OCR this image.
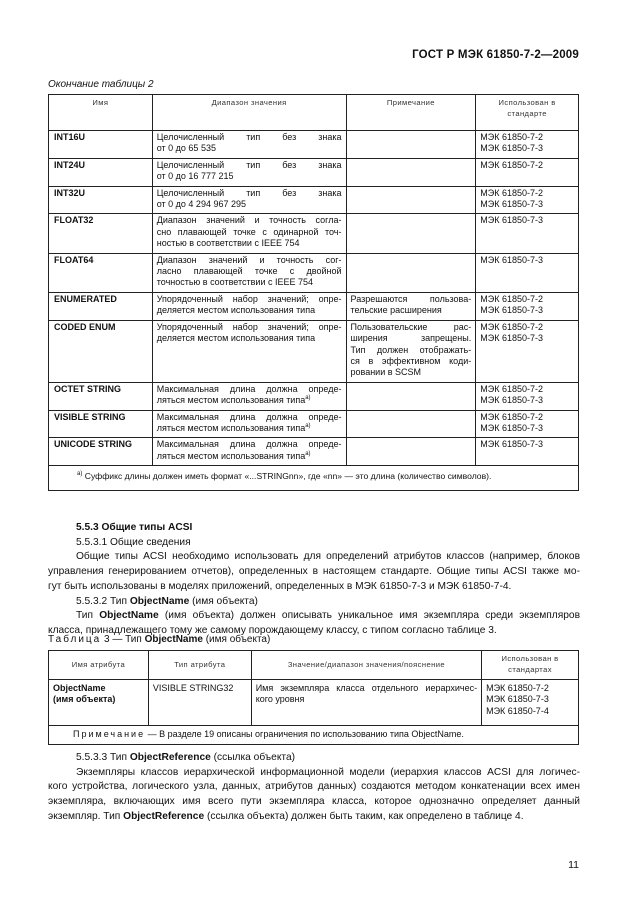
ГОСТ Р МЭК 61850-7-2—2009
Окончание таблицы 2
Имя	Диапазон значения	Примечание	Использован в стандарте
INT16U	Целочисленный тип без знака
от 0 до 65 535		МЭК 61850-7-2
МЭК 61850-7-3

INT24U	Целочисленный тип без знака
от 0 до 16 777 215		МЭК 61850-7-2

INT32U	Целочисленный тип без знака
от 0 до 4 294 967 295		МЭК 61850-7-2
МЭК 61850-7-3

FLOAT32	Диапазон значений и точность согла-
сно плавающей точке с одинарной точ-
ностью в соответствии с IEEE 754		МЭК 61850-7-3

FLOAT64	Диапазон значений и точность сог-
ласно плавающей точке с двойной
точностью в соответствии с IEEE 754		МЭК 61850-7-3

ENUMERATED	Упорядоченный набор значений; опре-
деляется местом использования типа	Разрешаются пользова-
тельские расширения	МЭК 61850-7-2
МЭК 61850-7-3

CODED ENUM	Упорядоченный набор значений; опре-
деляется местом использования типа	Пользовательские рас-
ширения запрещены.
Тип должен отображать-
ся в эффективном коди-
ровании в SCSM	МЭК 61850-7-2
МЭК 61850-7-3

OCTET STRING	Максимальная длина должна опреде-
ляться местом использования типа$^{a)}$		МЭК 61850-7-2
МЭК 61850-7-3

VISIBLE STRING	Максимальная длина должна опреде-
ляться местом использования типа$^{a)}$		МЭК 61850-7-2
МЭК 61850-7-3

UNICODE STRING	Максимальная длина должна опреде-
ляться местом использования типа$^{a)}$		МЭК 61850-7-3

$^{a)}$ Суффикс длины должен иметь формат «...STRINGnn», где «nn» — это длина (количество символов).			
5.5.3 Общие типы ACSI
5.5.3.1 Общие сведения
Общие типы ACSI необходимо использовать для определений атрибутов классов (например, блоков
управления генерированием отчетов), определенных в настоящем стандарте. Общие типы ACSI также мо-
гут быть использованы в моделях приложений, определенных в МЭК 61850-7-3 и МЭК 61850-7-4.
5.5.3.2 Тип ObjectName (имя объекта)
Тип ObjectName (имя объекта) должен описывать уникальное имя экземпляра среди экземпляров
класса, принадлежащего тому же самому порождающему классу, с типом согласно таблице 3.
Таблица 3 — Тип ObjectName (имя объекта)
Имя атрибута	Тип атрибута	Значение/диапазон значения/пояснение	Использован в стандартах

ObjectName
(имя объекта)	VISIBLE STRING32	Имя экземпляра класса отдельного иерархичес-
кого уровня	МЭК 61850-7-2
МЭК 61850-7-3
МЭК 61850-7-4

Примечание — В разделе 19 описаны ограничения по использованию типа ObjectName.			
5.5.3.3 Тип ObjectReference (ссылка объекта)
Экземпляры классов иерархической информационной модели (иерархия классов ACSI для логичес-
кого устройства, логического узла, данных, атрибутов данных) создаются методом конкатенации всех имен
экземпляра, включающих имя всего пути экземпляра класса, которое однозначно определяет данный
экземпляр. Тип ObjectReference (ссылка объекта) должен быть таким, как определено в таблице 4.
11
